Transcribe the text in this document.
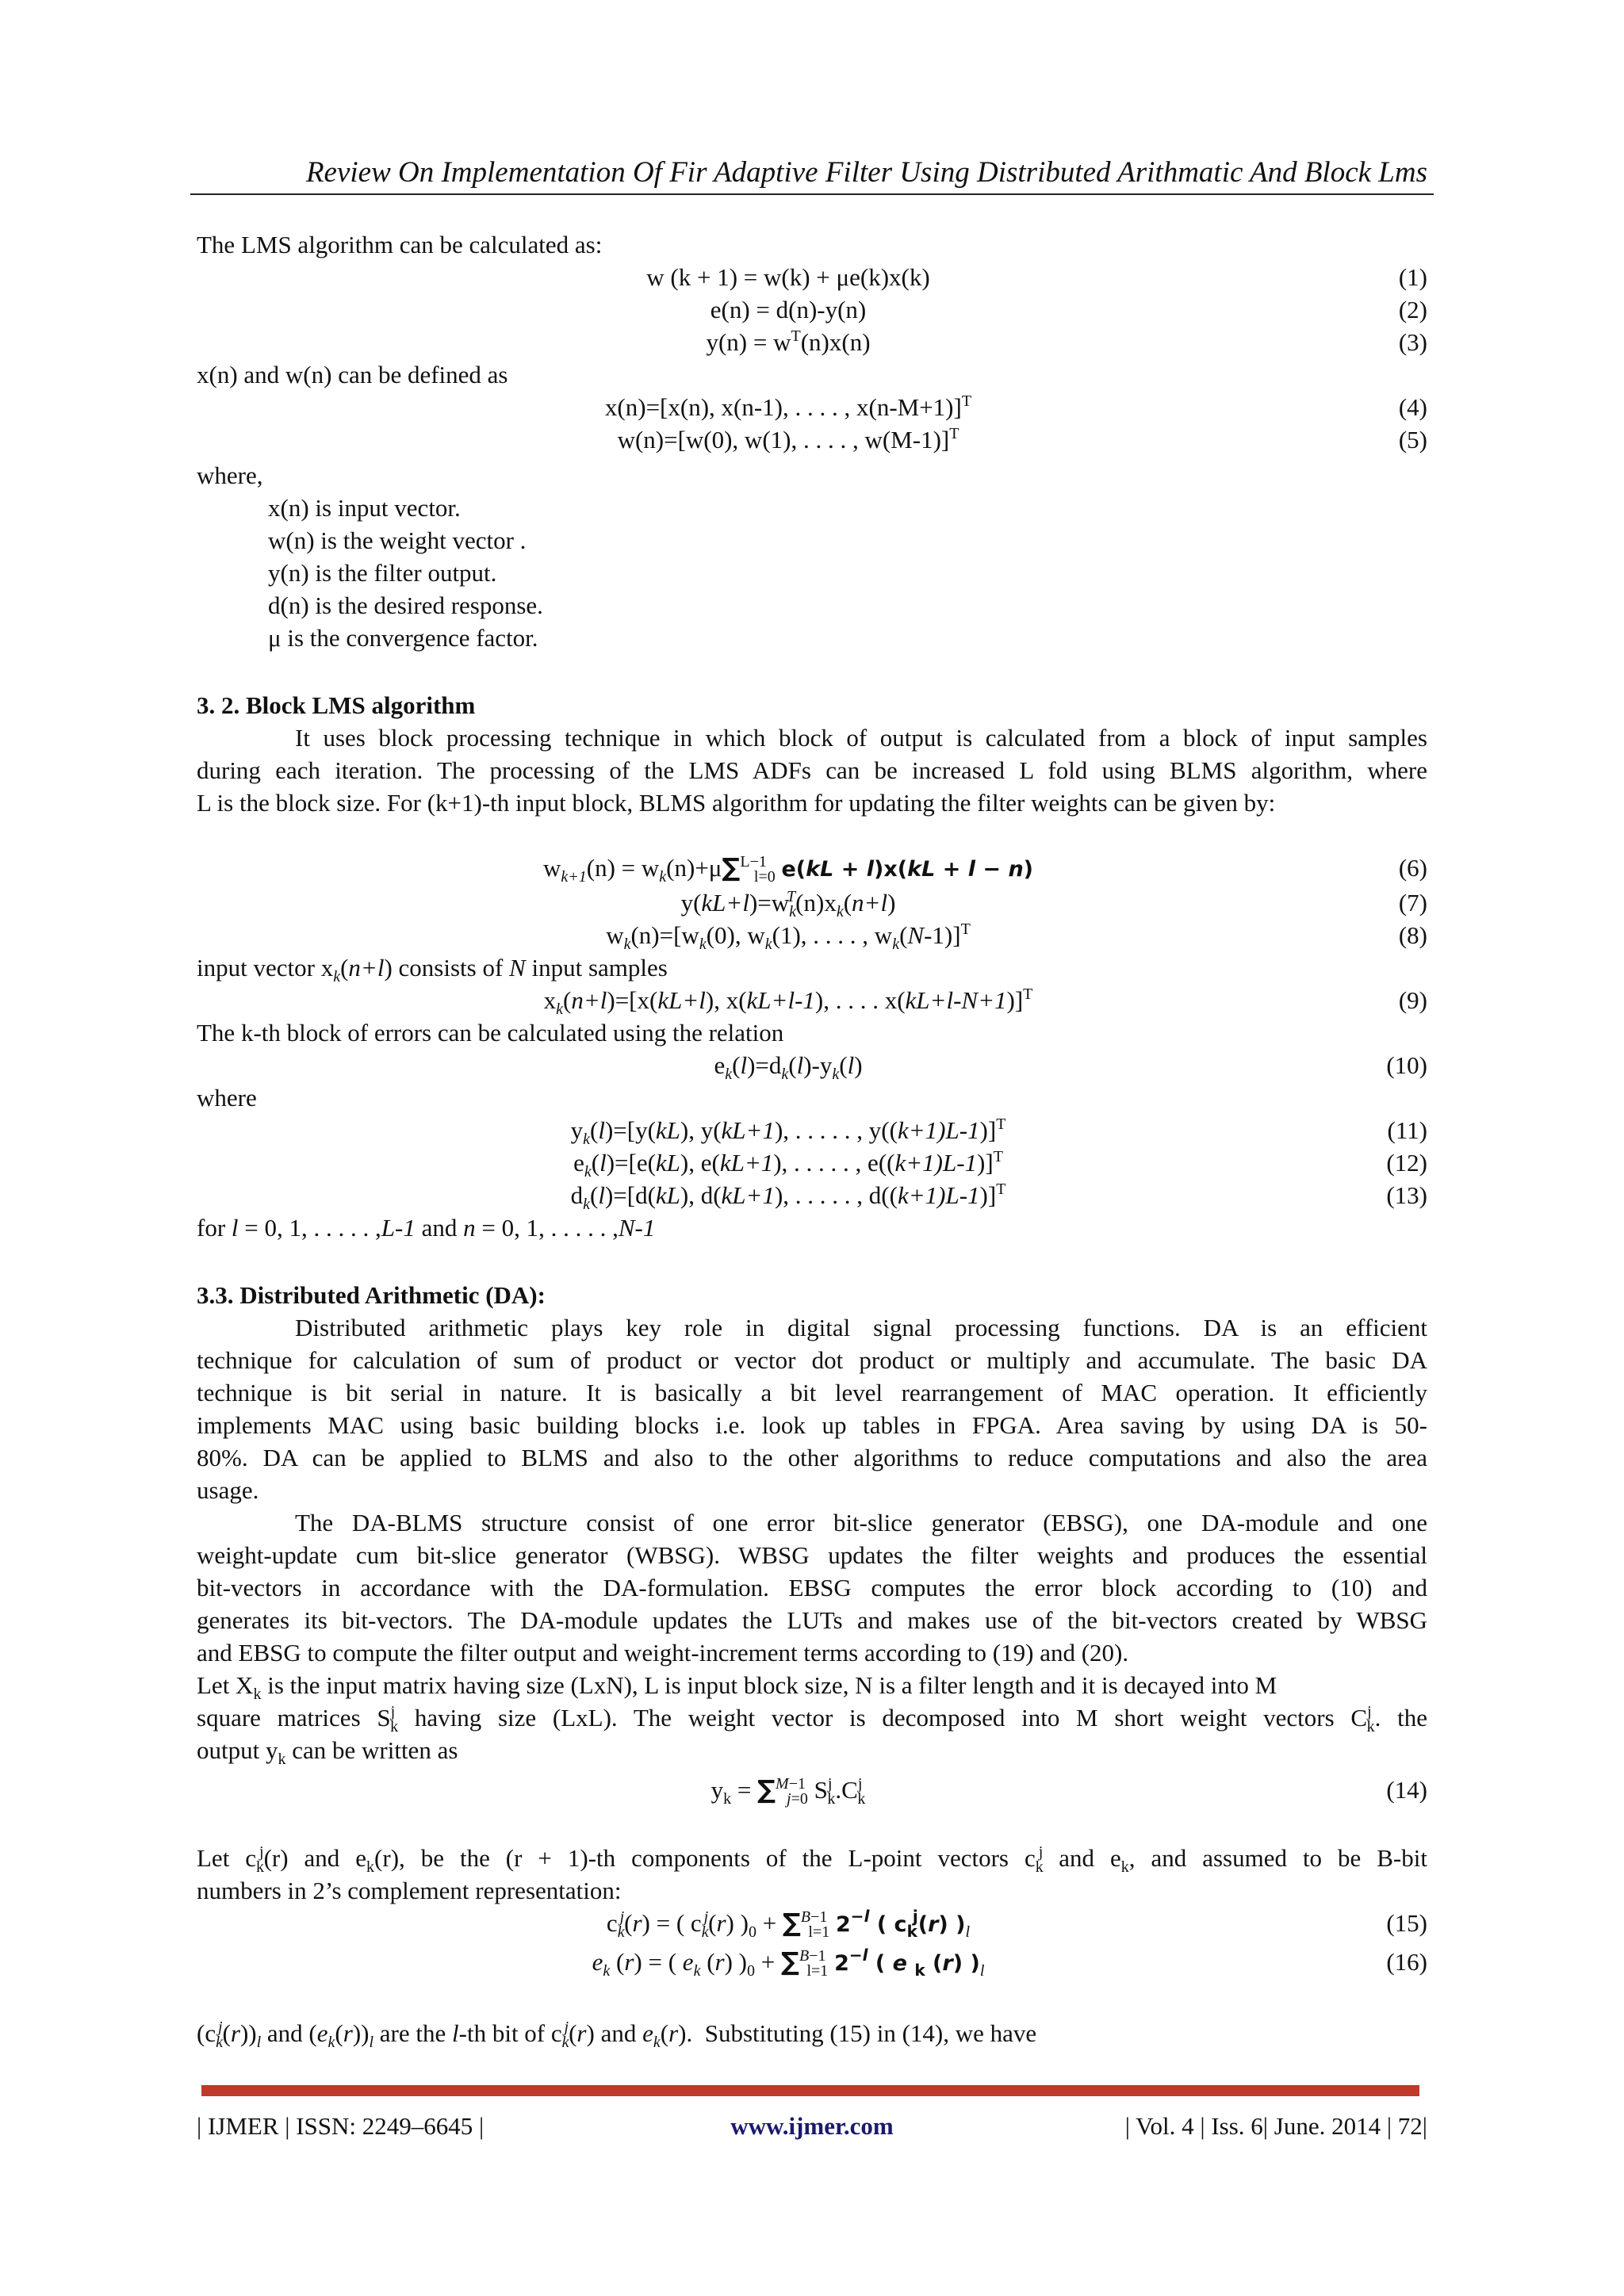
Review On Implementation Of Fir Adaptive Filter Using Distributed Arithmatic And Block Lms
The LMS algorithm can be calculated as:
w (k + 1) = w(k) + μe(k)x(k)	(1)
e(n) = d(n)-y(n)	(2)
$y(n) = w^T(n)x(n)$	(3)
x(n) and w(n) can be defined as
x(n)=[x(n), x(n-1), . . . . , x(n-M+1)]$^T$	(4)
w(n)=[w(0), w(1), . . . . , w(M-1)]$^T$	(5)
where,
x(n) is input vector.
w(n) is the weight vector .
y(n) is the filter output.
d(n) is the desired response.
μ is the convergence factor.
3. 2. Block LMS algorithm
It uses block processing technique in which block of output is calculated from a block of input samples
during each iteration. The processing of the LMS ADFs can be increased L fold using BLMS algorithm, where
L is the block size. For (k+1)-th input block, BLMS algorithm for updating the filter weights can be given by:
$w_{k+1}(n) = w_k(n)+\mu\sum^{L-1}_{l=0}$ e(kL + l)x(kL + l − n)	(6)
$y(kL+l)=w_k^T(n)x_k(n+l)$	(7)
$w_k(n)=[w_k(0)$, $w_k(1)$, . . . . , $w_k(N-1)]^T$	(8)
input vector $x_k(n+l)$ consists of N input samples
$x_k(n+l)=[x(kL+l)$, x(kL+l-1), . . . . x(kL+l-N+1)]$^T$	(9)
The k-th block of errors can be calculated using the relation
$e_k(l)=d_k(l)-y_k(l)$	(10)
where
$y_k(l)=[y(kL)$, y(kL+1), . . . . . , y((k+1)L-1)]$^T$	(11)
$e_k(l)=[e(kL)$, e(kL+1), . . . . . , e((k+1)L-1)]$^T$	(12)
$d_k(l)=[d(kL)$, d(kL+1), . . . . . , d((k+1)L-1)]$^T$	(13)
for l = 0, 1, . . . . . ,L-1 and n = 0, 1, . . . . . ,N-1
3.3. Distributed Arithmetic (DA):
Distributed arithmetic plays key role in digital signal processing functions. DA is an efficient
technique for calculation of sum of product or vector dot product or multiply and accumulate. The basic DA
technique is bit serial in nature. It is basically a bit level rearrangement of MAC operation. It efficiently
implements MAC using basic building blocks i.e. look up tables in FPGA. Area saving by using DA is 50-
80%. DA can be applied to BLMS and also to the other algorithms to reduce computations and also the area
usage.
The DA-BLMS structure consist of one error bit-slice generator (EBSG), one DA-module and one
weight-update cum bit-slice generator (WBSG). WBSG updates the filter weights and produces the essential
bit-vectors in accordance with the DA-formulation. EBSG computes the error block according to (10) and
generates its bit-vectors. The DA-module updates the LUTs and makes use of the bit-vectors created by WBSG
and EBSG to compute the filter output and weight-increment terms according to (19) and (20).
Let $X_k$ is the input matrix having size (LxN), L is input block size, N is a filter length and it is decayed into M
square matrices $S^j_k$ having size (LxL). The weight vector is decomposed into M short weight vectors $C^j_k$. the
output $y_k$ can be written as
$y_k = \sum^{M-1}_{j=0}$ $S^j_k.C^j_k$	(14)
Let $c_k^j(r)$ and $e_k(r)$, be the (r + 1)-th components of the L-point vectors $c_k^j$ and $e_k$, and assumed to be B-bit
numbers in 2’s complement representation:
$c_k^j(r)$ = ( $c_k^j(r) )_0 + \sum^{B-1}_{l=1}$ $2^{-l}$ ( $c_k^j(r)$ )$_l$	(15)
$e_k$ (r) = ( $e_k$ (r) )$_0 + \sum^{B-1}_{l=1}$ $2^{-l}$ ( e $_k$ (r) )$_l$	(16)
$(c_k^j(r))_l$ and $(e_k(r))_l$ are the l-th bit of $c_k^j(r)$ and $e_k(r)$.  Substituting (15) in (14), we have
| IJMER | ISSN: 2249–6645 |	www.ijmer.com	| Vol. 4 | Iss. 6| June. 2014 | 72|
